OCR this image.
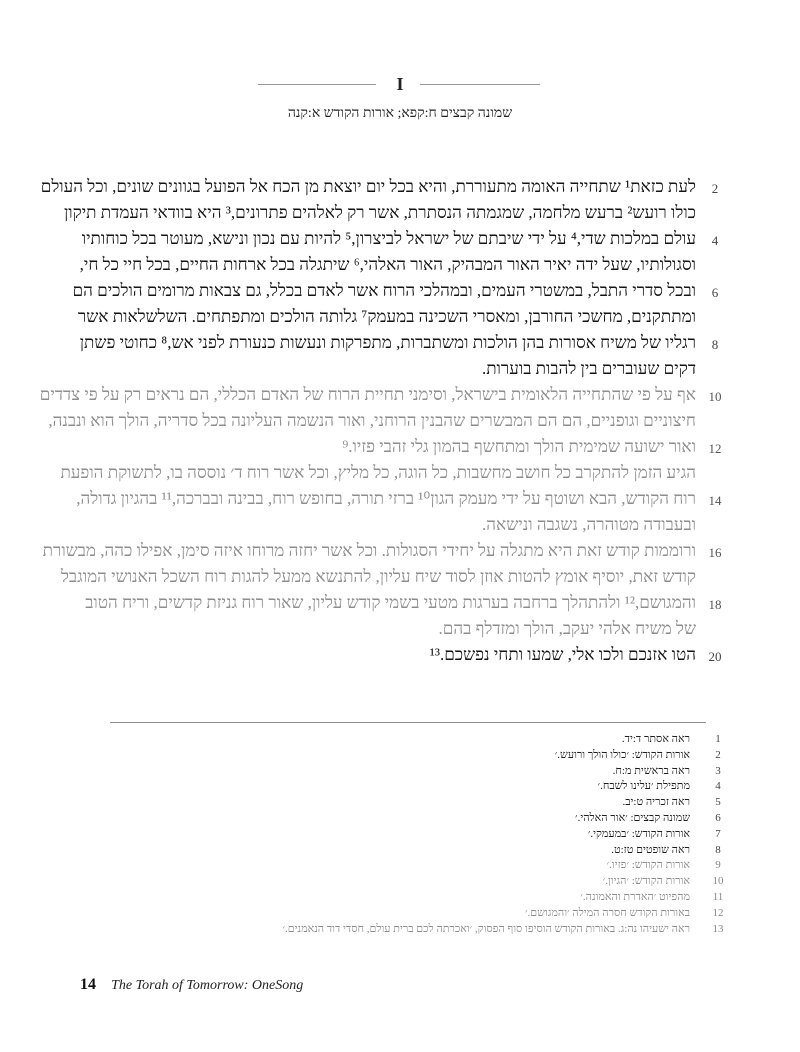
I
שמונה קבצים ח:קפא; אורות הקודש א:קנה
לעת כזאת¹ שתחייה האומה מתעוררת, והיא בכל יום יוצאת מן הכח אל הפועל בגוונים שונים, וכל העולם	2
כולו רועש² ברעש מלחמה, שמגמתה הנסתרת, אשר רק לאלהים פתרונים,³ היא בוודאי העמדת תיקון
עולם במלכות שדי,⁴ על ידי שיבתם של ישראל לביצרון,⁵ להיות עם נכון ונישא, מעוטר בכל כוחותיו	4
וסגולותיו, שעל ידה יאיר האור המבהיק, האור האלהי,⁶ שיתגלה בכל ארחות החיים, בכל חיי כל חי,
ובכל סדרי התבל, במשטרי העמים, ובמהלכי הרוח אשר לאדם בכלל, גם צבאות מרומים הולכים הם	6
ומתתקנים, מחשכי החורבן, ומאסרי השכינה במעמק⁷ גלותה הולכים ומתפתחים. השלשלאות אשר
רגליו של משיח אסורות בהן הולכות ומשתברות, מתפרקות ונעשות כנעורת לפני אש,⁸ כחוטי פשתן	8
דקים שעוברים בין להבות בוערות.
אף על פי שהתחייה הלאומית בישראל, וסימני תחיית הרוח של האדם הכללי, הם נראים רק על פי צדדים 10
חיצוניים וגופניים, הם הם המבשרים שהבנין הרוחני, ואור הנשמה העליונה בכל סדריה, הולך הוא ונבנה,
ואור ישועה שמימית הולך ומתחשף בהמון גלי זהבי פזיו.⁹ 12
הגיע הזמן להתקרב כל חושב מחשבות, כל הוגה, כל מליץ, וכל אשר רוח ד׳ נוססה בו, לתשוקת הופעת
רוח הקודש, הבא ושוטף על ידי מעמק הגון¹⁰ ברזי תורה, בחופש רוח, בבינה ובברכה,¹¹ בהגיון גדולה, 14
ובעבודה מטוהרה, נשגבה ונישאה.
ורוממות קודש זאת היא מתגלה על יחידי הסגולות. וכל אשר יחזה מרוחו איזה סימן, אפילו כהה, מבשורת 16
קודש זאת, יוסיף אומץ להטות אוזן לסוד שיח עליון, להתנשא ממעל להגות רוח השכל האנושי המוגבל
והמגושם,¹² ולהתהלך ברחבה בערגות מטעי בשמי קודש עליון, שאור רוח גניזת קדשים, וריח הטוב 18
של משיח אלהי יעקב, הולך ומזדלף בהם.
הטו אזנכם ולכו אלי, שמעו ותחי נפשכם.¹³ 20
ראה אסתר ד:יד.	1
אורות הקודש: ׳כולו הולך ורועש.׳	2
ראה בראשית מ:ח.	3
מתפילת ׳עלינו לשבח.׳	4
ראה זכריה ט:יב.	5
שמונה קבצים: ׳אור האלהי.׳	6
אורות הקודש: ׳במעמקי.׳	7
ראה שופטים טז:ט.	8
אורות הקודש: ׳פזיו.׳	9
אורות הקודש: ׳הגיון.׳	10
מהפיוט ׳האדרת והאמונה.׳	11
באורות הקודש חסרה המילה ׳והמגושם.׳	12
ראה ישעיהו נה:ג. באורות הקודש הוסיפו סוף הפסוק, ׳ואכרתה לכם ברית עולם, חסדי דוד הנאמנים.׳	13
14 The Torah of Tomorrow: OneSong
